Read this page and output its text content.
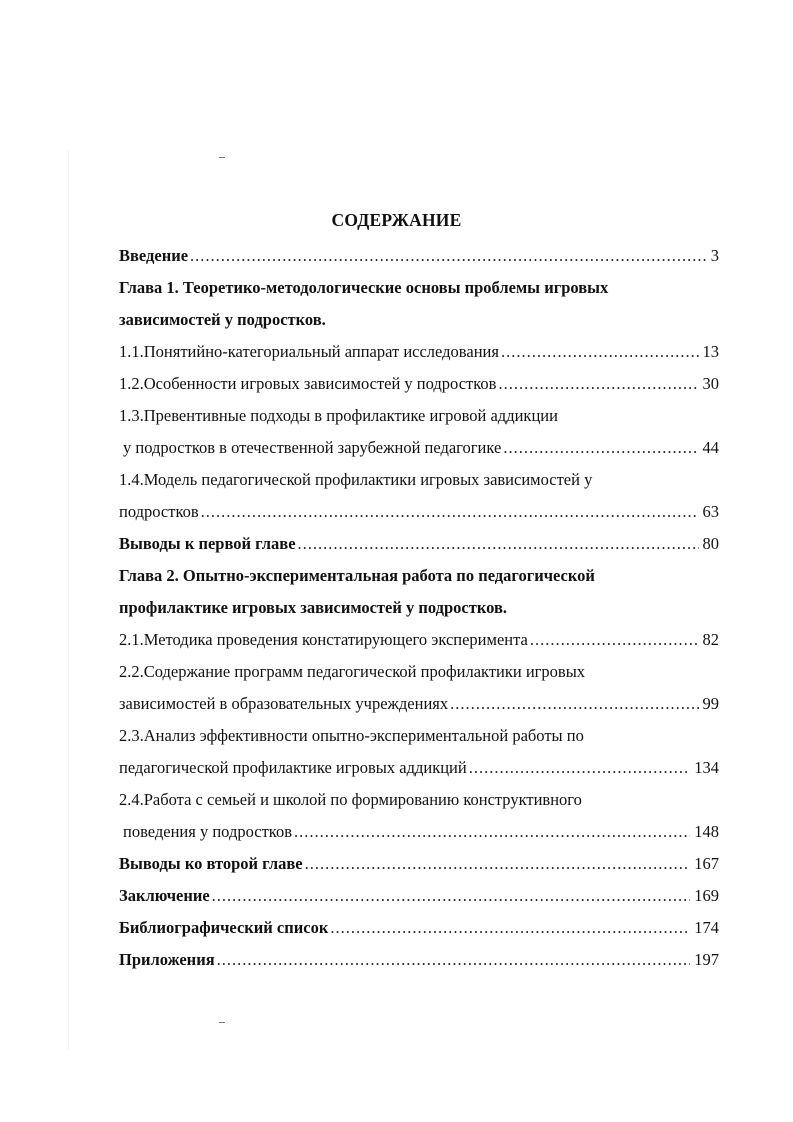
СОДЕРЖАНИЕ
Введение .....	3
Глава 1. Теоретико-методологические основы проблемы игровых
зависимостей у подростков.
1.1.Понятийно-категориальный аппарат исследования .....	13
1.2.Особенности игровых зависимостей у подростков .....	30
1.3.Превентивные подходы в профилактике игровой аддикции
у подростков в отечественной зарубежной педагогике .....	44
1.4.Модель педагогической профилактики игровых зависимостей у
подростков .....	63
Выводы к первой главе .....	80
Глава 2. Опытно-экспериментальная работа по педагогической
профилактике игровых зависимостей у подростков.
2.1.Методика проведения констатирующего эксперимента .....	82
2.2.Содержание программ педагогической профилактики игровых
зависимостей в образовательных учреждениях .....	99
2.3.Анализ эффективности опытно-экспериментальной работы по
педагогической профилактике игровых аддикций .....	134
2.4.Работа с семьей и школой по формированию конструктивного
поведения у подростков .....	148
Выводы ко второй главе .....	167
Заключение .....	169
Библиографический список .....	174
Приложения .....	197
